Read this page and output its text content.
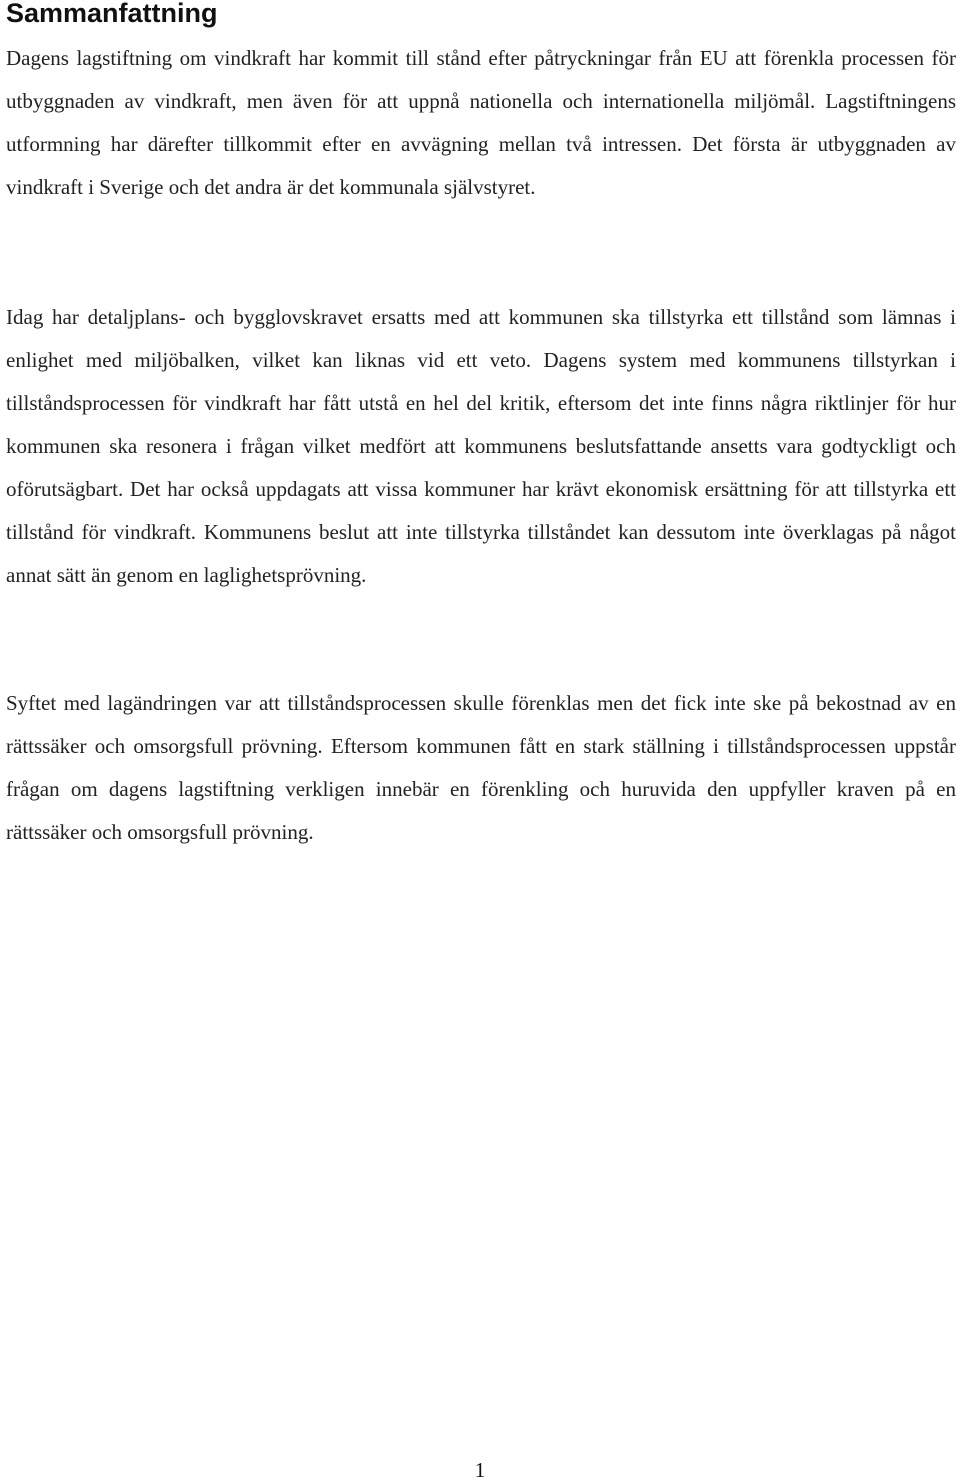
Sammanfattning

Dagens lagstiftning om vindkraft har kommit till stånd efter påtryckningar från EU att förenkla processen för utbyggnaden av vindkraft, men även för att uppnå nationella och internationella miljömål. Lagstiftningens utformning har därefter tillkommit efter en avvägning mellan två intressen. Det första är utbyggnaden av vindkraft i Sverige och det andra är det kommunala självstyret.

Idag har detaljplans- och bygglovskravet ersatts med att kommunen ska tillstyrka ett tillstånd som lämnas i enlighet med miljöbalken, vilket kan liknas vid ett veto. Dagens system med kommunens tillstyrkan i tillståndsprocessen för vindkraft har fått utstå en hel del kritik, eftersom det inte finns några riktlinjer för hur kommunen ska resonera i frågan vilket medfört att kommunens beslutsfattande ansetts vara godtyckligt och oförutsägbart. Det har också uppdagats att vissa kommuner har krävt ekonomisk ersättning för att tillstyrka ett tillstånd för vindkraft. Kommunens beslut att inte tillstyrka tillståndet kan dessutom inte överklagas på något annat sätt än genom en laglighetsprövning.

Syftet med lagändringen var att tillståndsprocessen skulle förenklas men det fick inte ske på bekostnad av en rättssäker och omsorgsfull prövning. Eftersom kommunen fått en stark ställning i tillståndsprocessen uppstår frågan om dagens lagstiftning verkligen innebär en förenkling och huruvida den uppfyller kraven på en rättssäker och omsorgsfull prövning.

1
